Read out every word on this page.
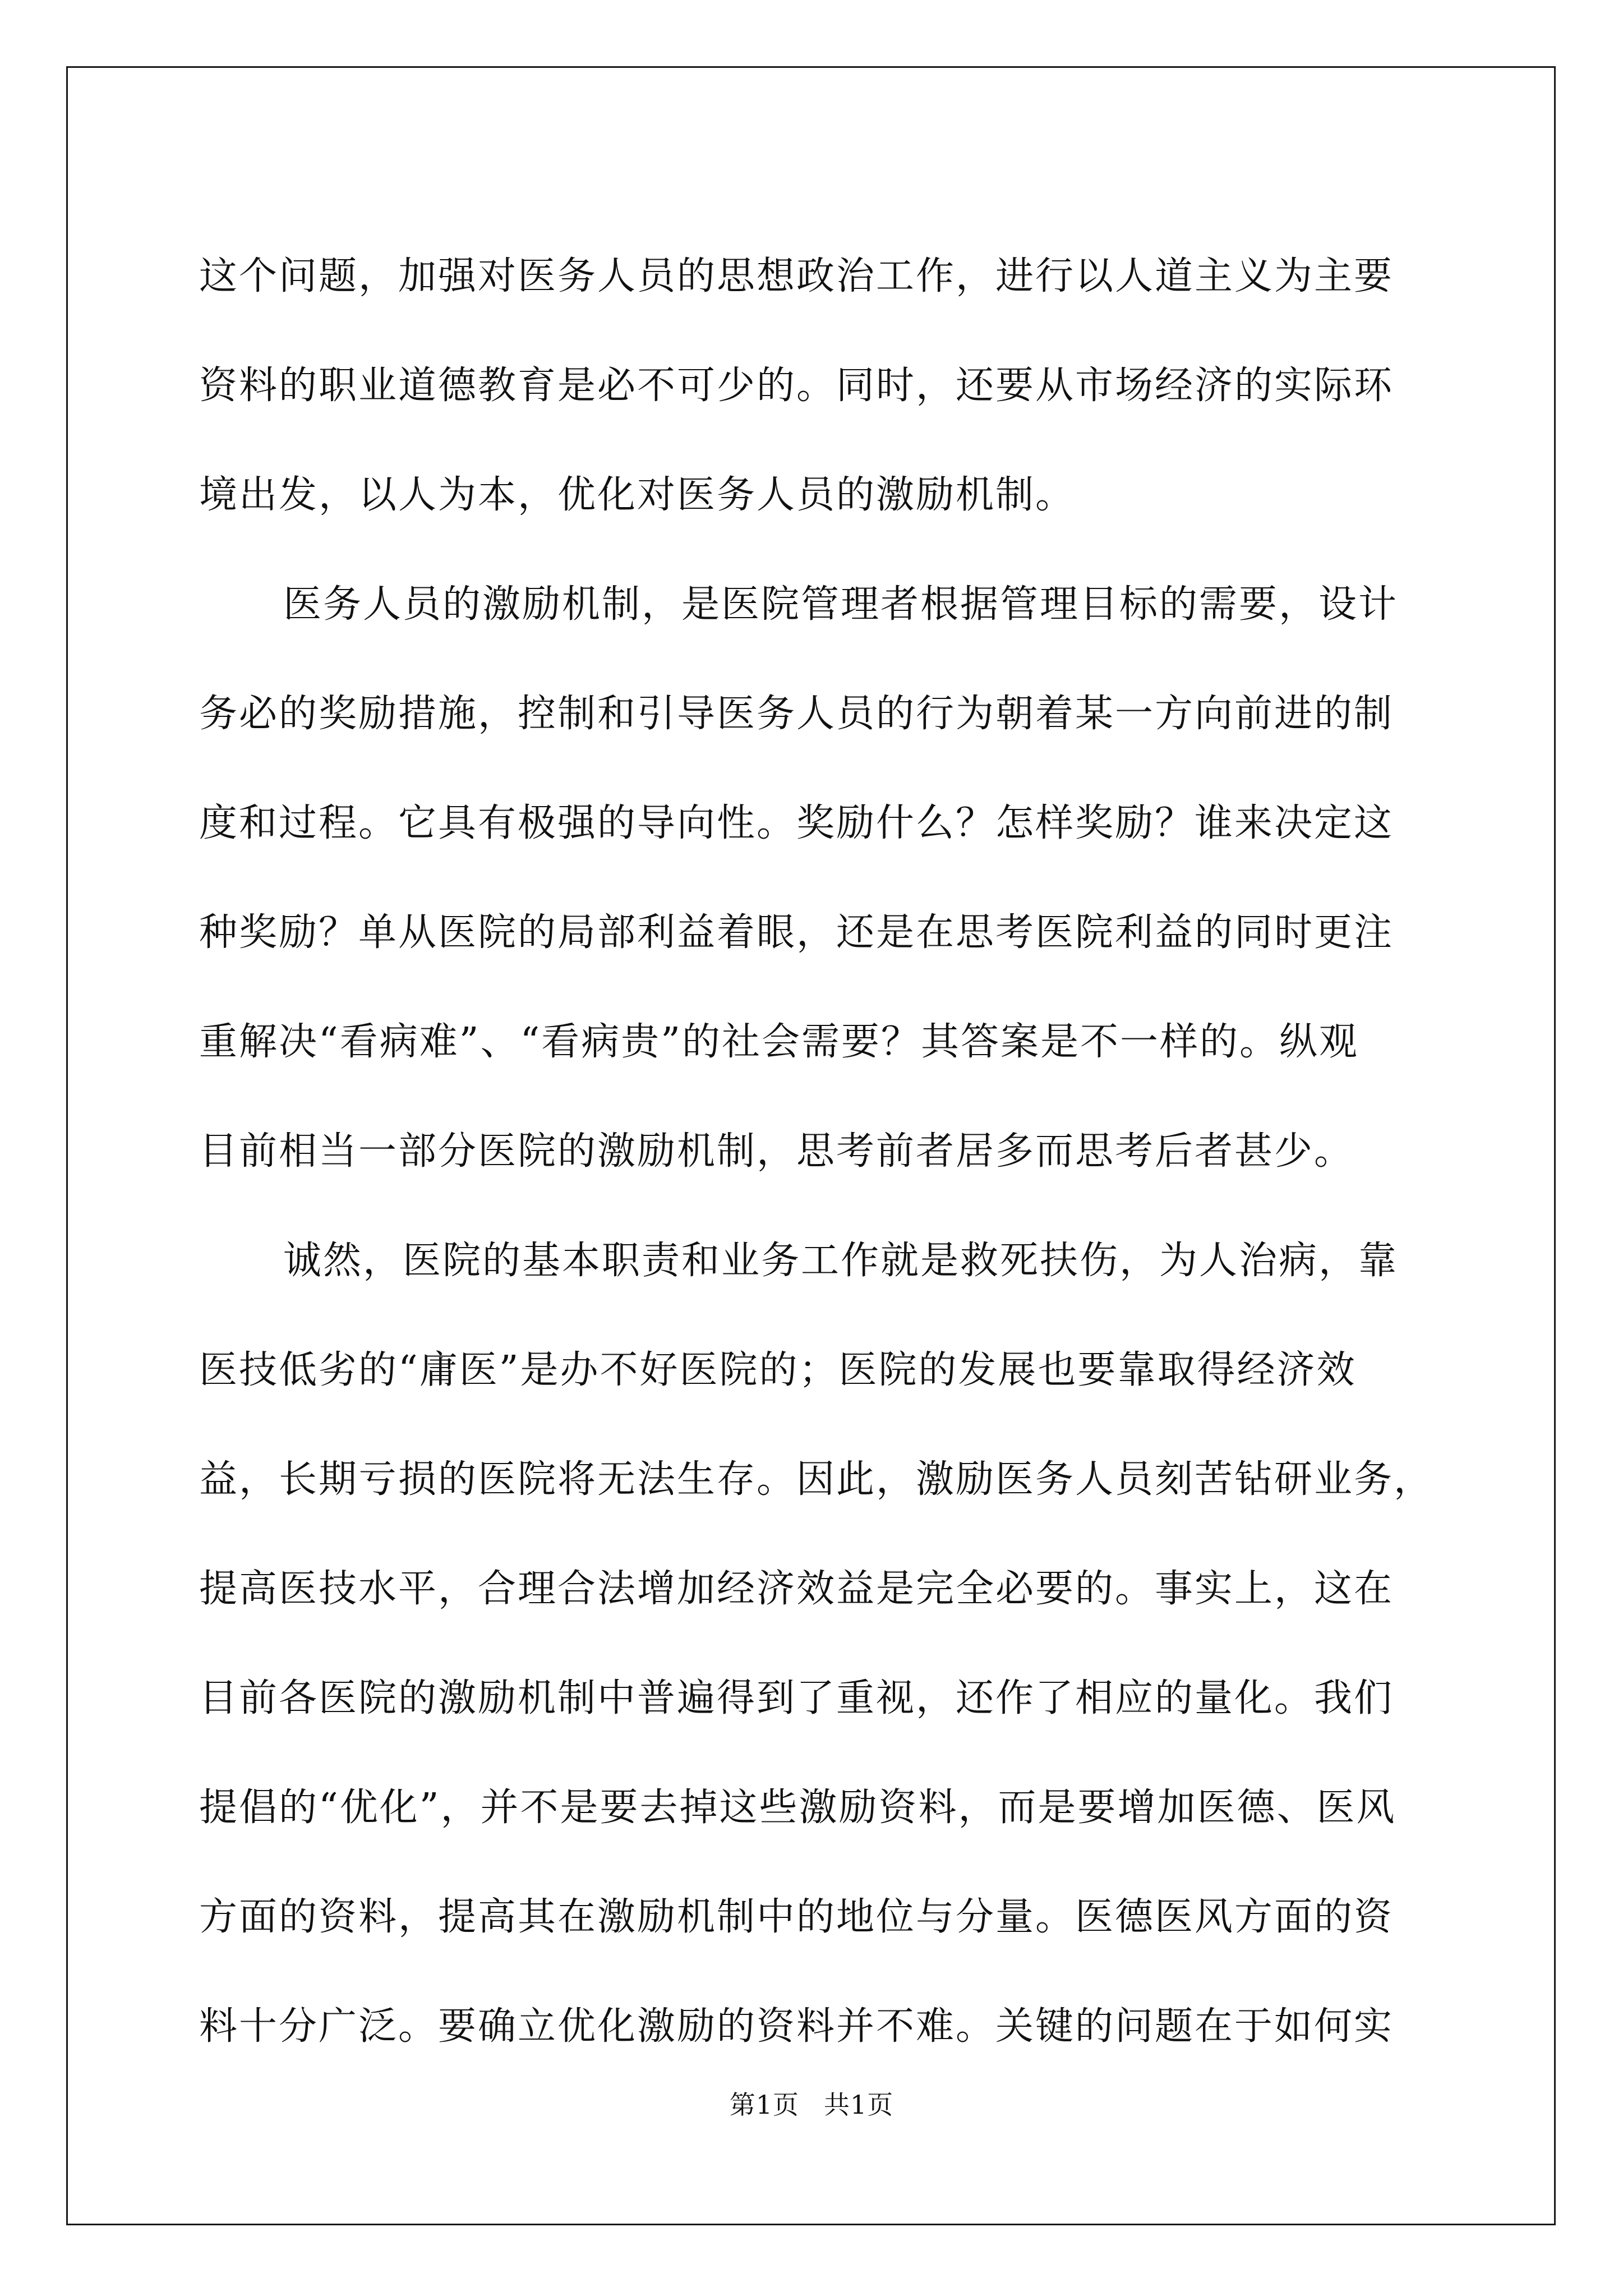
这个问题，加强对医务人员的思想政治工作，进行以人道主义为主要
资料的职业道德教育是必不可少的。同时，还要从市场经济的实际环
境出发，以人为本，优化对医务人员的激励机制。
医务人员的激励机制，是医院管理者根据管理目标的需要，设计
务必的奖励措施，控制和引导医务人员的行为朝着某一方向前进的制
度和过程。它具有极强的导向性。奖励什么？怎样奖励？谁来决定这
种奖励？单从医院的局部利益着眼，还是在思考医院利益的同时更注
重解决“看病难”、“看病贵”的社会需要？其答案是不一样的。纵观
目前相当一部分医院的激励机制，思考前者居多而思考后者甚少。
诚然，医院的基本职责和业务工作就是救死扶伤，为人治病，靠
医技低劣的“庸医”是办不好医院的；医院的发展也要靠取得经济效
益，长期亏损的医院将无法生存。因此，激励医务人员刻苦钻研业务，
提高医技水平，合理合法增加经济效益是完全必要的。事实上，这在
目前各医院的激励机制中普遍得到了重视，还作了相应的量化。我们
提倡的“优化”，并不是要去掉这些激励资料，而是要增加医德、医风
方面的资料，提高其在激励机制中的地位与分量。医德医风方面的资
料十分广泛。要确立优化激励的资料并不难。关键的问题在于如何实
第1页 共1页
